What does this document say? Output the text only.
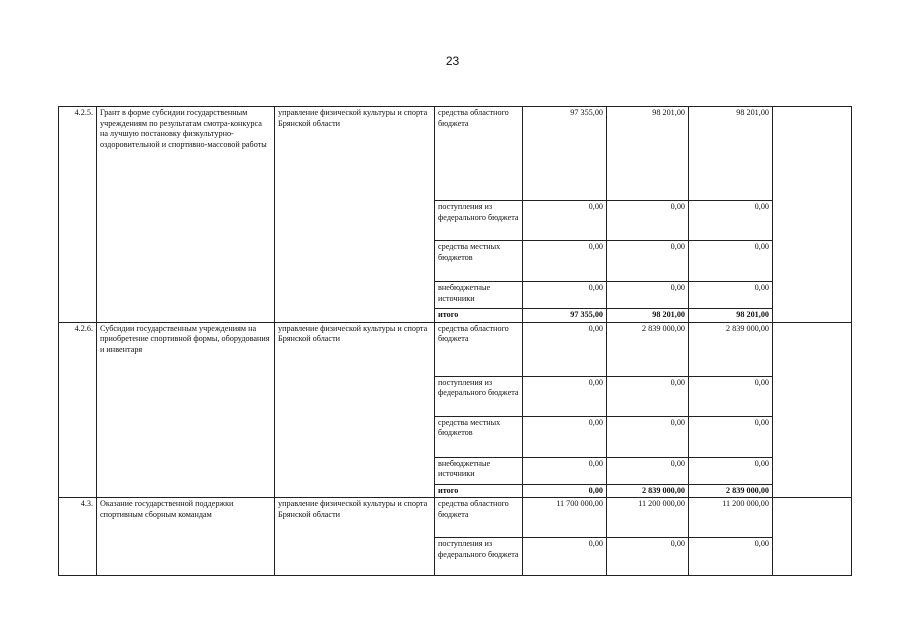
23
4.2.5.	Грант в форме субсидии государственным учреждениям по результатам смотра-конкурса на лучшую постановку физкультурно-оздоровительной и спортивно-массовой работы	управление физической культуры и спорта Брянской области	средства областного бюджета	97 355,00	98 201,00	98 201,00	
			поступления из федерального бюджета	0,00	0,00	0,00	
			средства местных бюджетов	0,00	0,00	0,00	
			внебюджетные источники	0,00	0,00	0,00	
			итого	97 355,00	98 201,00	98 201,00	
4.2.6.	Субсидии государственным учреждениям на приобретение спортивной формы, оборудования и инвентаря	управление физической культуры и спорта Брянской области	средства областного бюджета	0,00	2 839 000,00	2 839 000,00	
			поступления из федерального бюджета	0,00	0,00	0,00	
			средства местных бюджетов	0,00	0,00	0,00	
			внебюджетные источники	0,00	0,00	0,00	
			итого	0,00	2 839 000,00	2 839 000,00	
4.3.	Оказание государственной поддержки спортивным сборным командам	управление физической культуры и спорта Брянской области	средства областного бюджета	11 700 000,00	11 200 000,00	11 200 000,00	
			поступления из федерального бюджета	0,00	0,00	0,00	
